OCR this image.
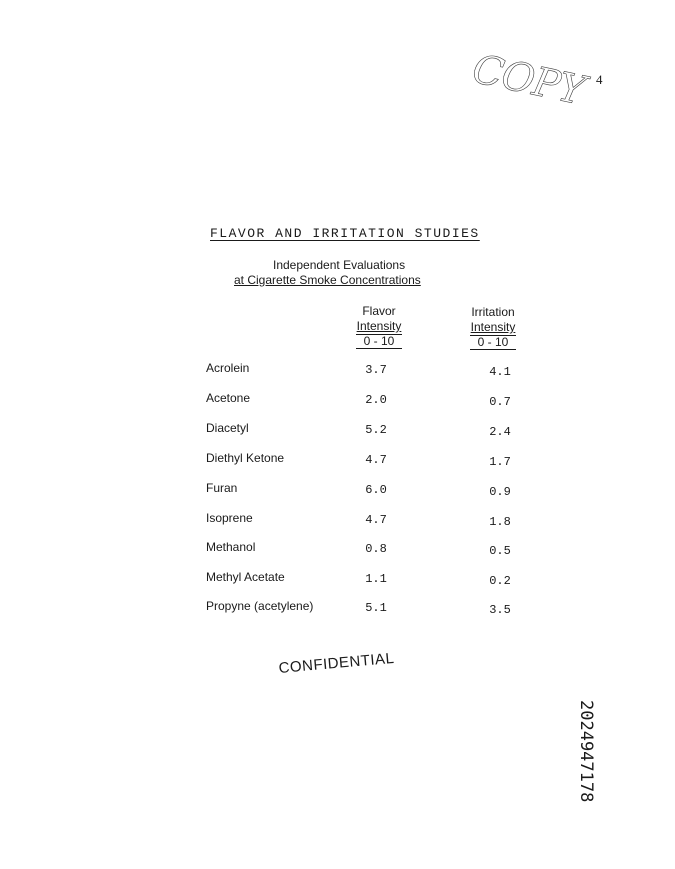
COPY 4
FLAVOR AND IRRITATION STUDIES
Independent Evaluations
at Cigarette Smoke Concentrations
Flavor
Intensity
0 - 10
Irritation
Intensity
0 - 10
Acrolein	3.7	4.1
Acetone	2.0	0.7
Diacetyl	5.2	2.4
Diethyl Ketone	4.7	1.7
Furan	6.0	0.9
Isoprene	4.7	1.8
Methanol	0.8	0.5
Methyl Acetate	1.1	0.2
Propyne (acetylene)	5.1	3.5
CONFIDENTIAL
2024947178
